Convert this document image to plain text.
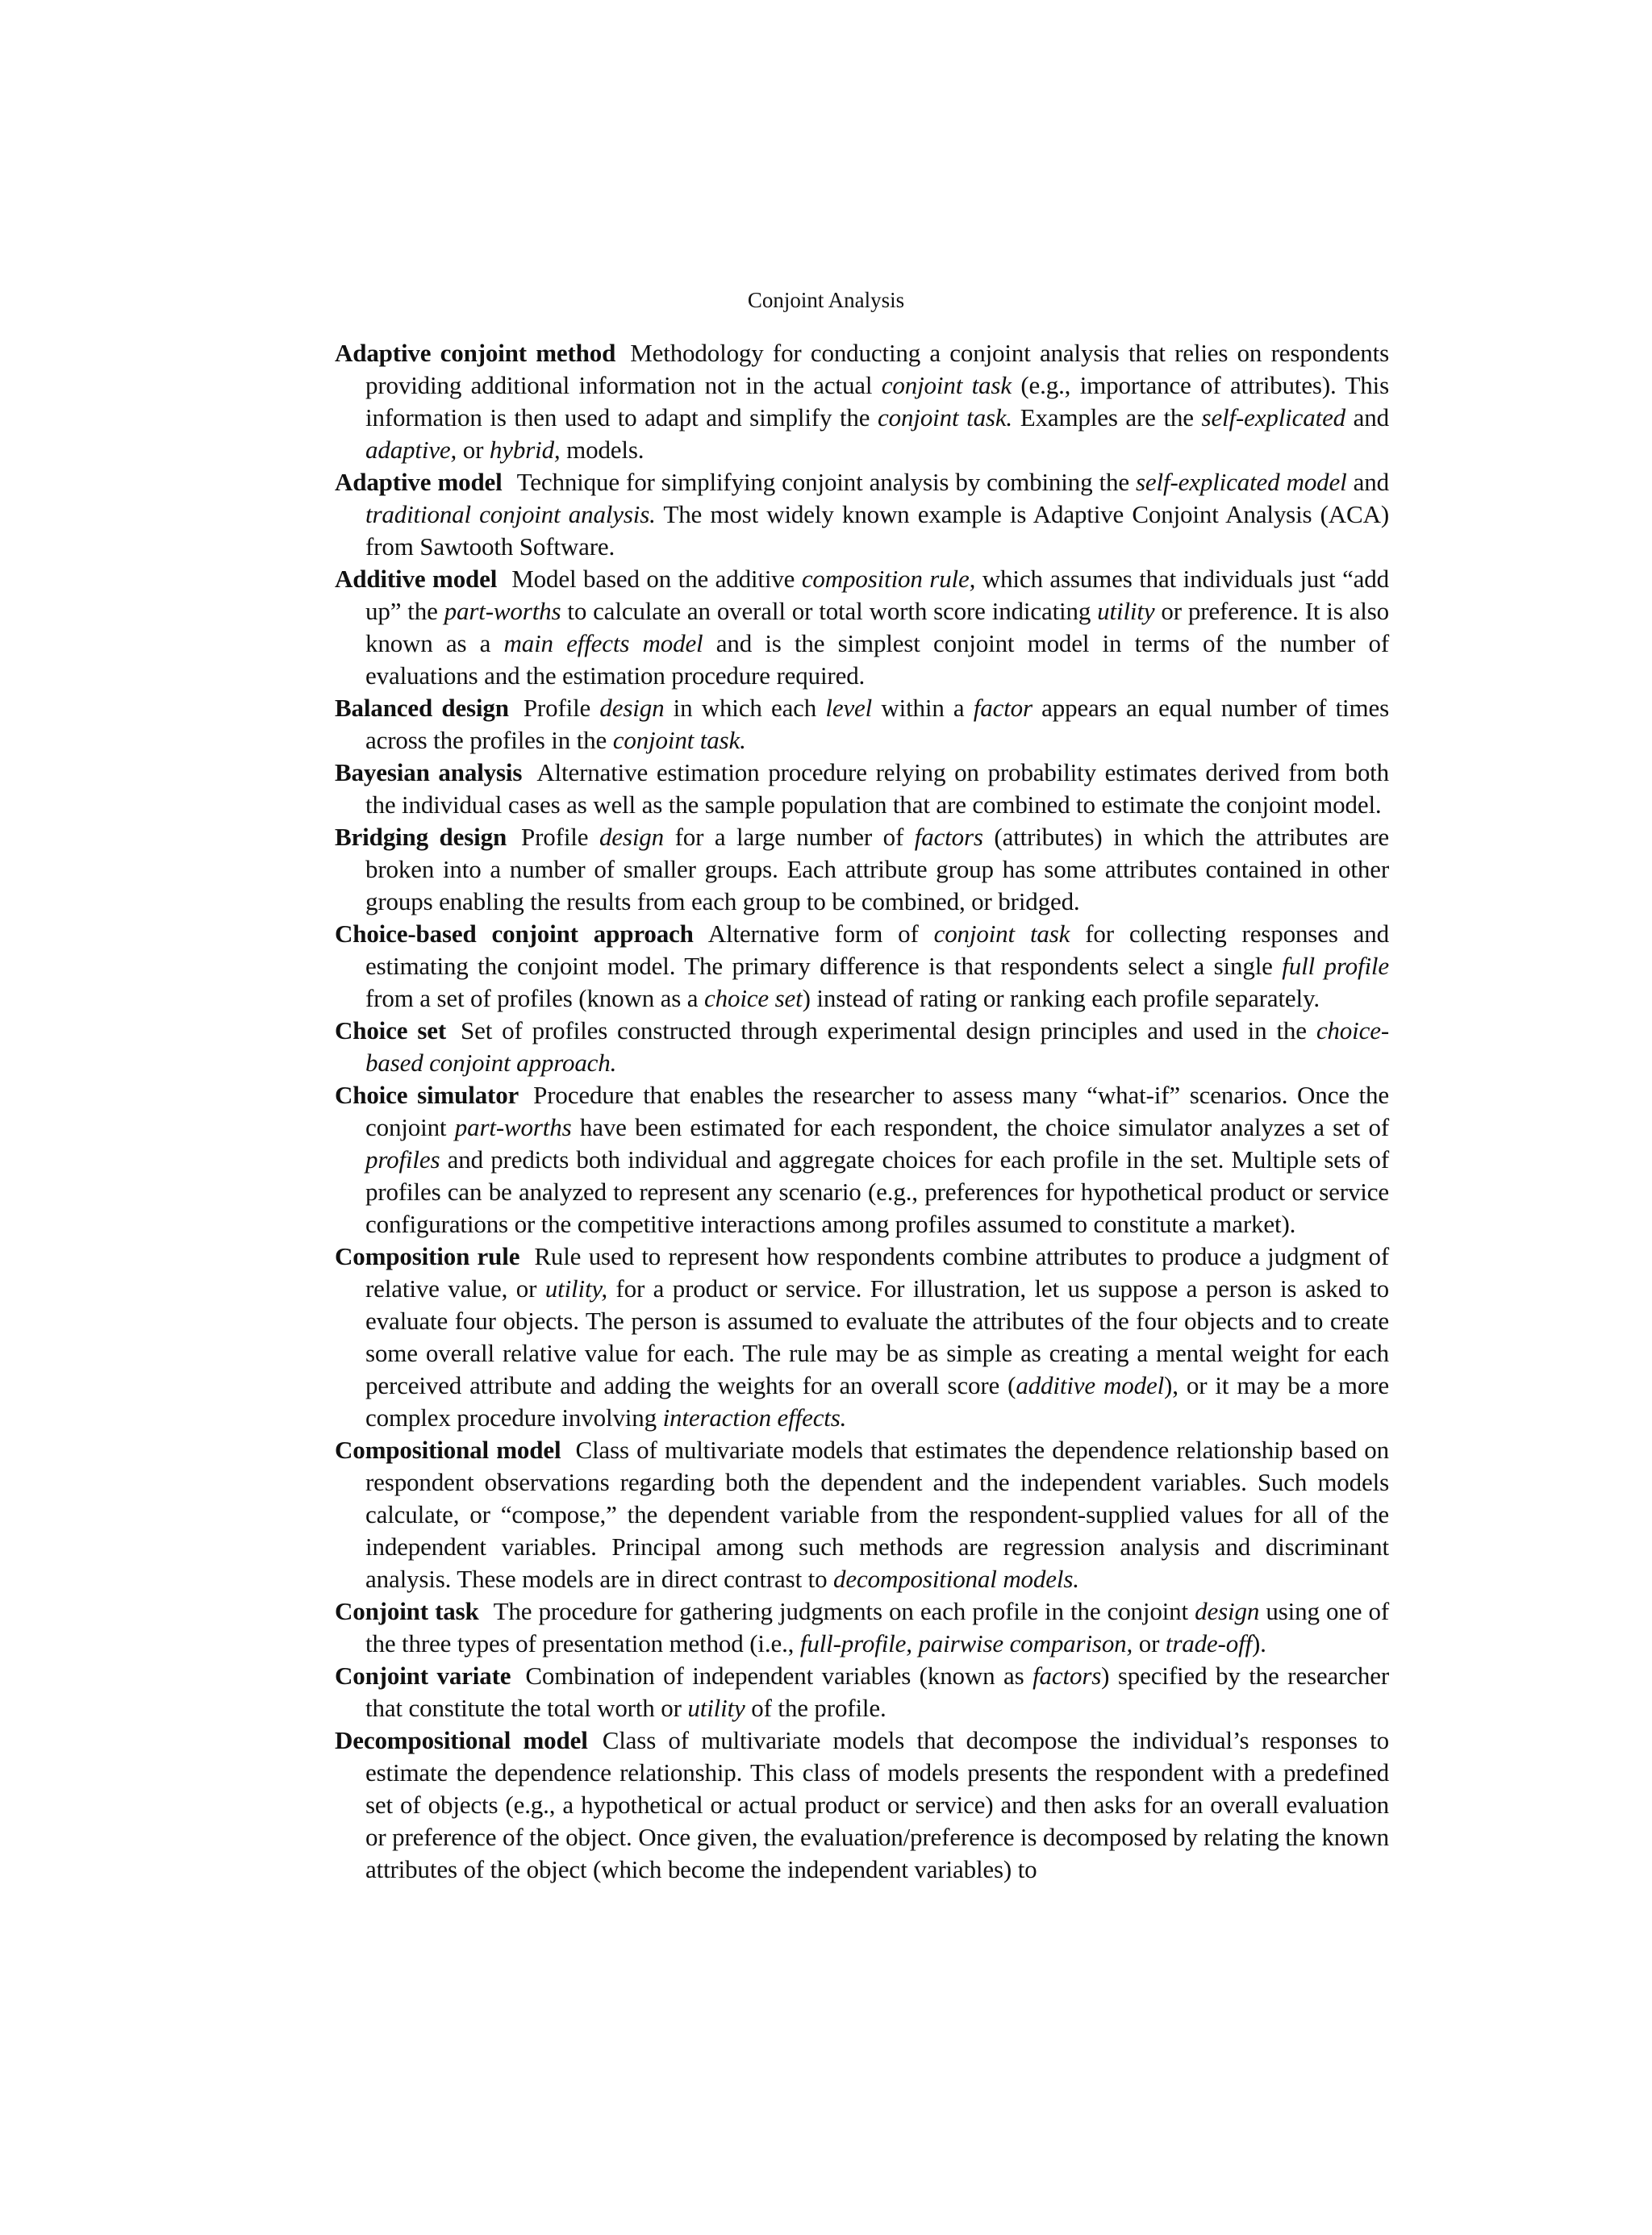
Conjoint Analysis

Adaptive conjoint method Methodology for conducting a conjoint analysis that relies on respondents providing additional information not in the actual conjoint task (e.g., importance of attributes). This information is then used to adapt and simplify the conjoint task. Examples are the self-explicated and adaptive, or hybrid, models.

Adaptive model Technique for simplifying conjoint analysis by combining the self-explicated model and traditional conjoint analysis. The most widely known example is Adaptive Conjoint Analysis (ACA) from Sawtooth Software.

Additive model Model based on the additive composition rule, which assumes that individuals just “add up” the part-worths to calculate an overall or total worth score indicating utility or preference. It is also known as a main effects model and is the simplest conjoint model in terms of the number of evaluations and the estimation procedure required.

Balanced design Profile design in which each level within a factor appears an equal number of times across the profiles in the conjoint task.

Bayesian analysis Alternative estimation procedure relying on probability estimates derived from both the individual cases as well as the sample population that are combined to estimate the conjoint model.

Bridging design Profile design for a large number of factors (attributes) in which the attributes are broken into a number of smaller groups. Each attribute group has some attributes contained in other groups enabling the results from each group to be combined, or bridged.

Choice-based conjoint approach Alternative form of conjoint task for collecting responses and estimating the conjoint model. The primary difference is that respondents select a single full profile from a set of profiles (known as a choice set) instead of rating or ranking each profile separately.

Choice set Set of profiles constructed through experimental design principles and used in the choice-based conjoint approach.

Choice simulator Procedure that enables the researcher to assess many “what-if” scenarios. Once the conjoint part-worths have been estimated for each respondent, the choice simulator analyzes a set of profiles and predicts both individual and aggregate choices for each profile in the set. Multiple sets of profiles can be analyzed to represent any scenario (e.g., preferences for hypothetical product or service configurations or the competitive interactions among profiles assumed to constitute a market).

Composition rule Rule used to represent how respondents combine attributes to produce a judgment of relative value, or utility, for a product or service. For illustration, let us suppose a person is asked to evaluate four objects. The person is assumed to evaluate the attributes of the four objects and to create some overall relative value for each. The rule may be as simple as creating a mental weight for each perceived attribute and adding the weights for an overall score (additive model), or it may be a more complex procedure involving interaction effects.

Compositional model Class of multivariate models that estimates the dependence relationship based on respondent observations regarding both the dependent and the independent variables. Such models calculate, or “compose,” the dependent variable from the respondent-supplied values for all of the independent variables. Principal among such methods are regression analysis and discriminant analysis. These models are in direct contrast to decompositional models.

Conjoint task The procedure for gathering judgments on each profile in the conjoint design using one of the three types of presentation method (i.e., full-profile, pairwise comparison, or trade-off).

Conjoint variate Combination of independent variables (known as factors) specified by the researcher that constitute the total worth or utility of the profile.

Decompositional model Class of multivariate models that decompose the individual’s responses to estimate the dependence relationship. This class of models presents the respondent with a predefined set of objects (e.g., a hypothetical or actual product or service) and then asks for an overall evaluation or preference of the object. Once given, the evaluation/preference is decomposed by relating the known attributes of the object (which become the independent variables) to
